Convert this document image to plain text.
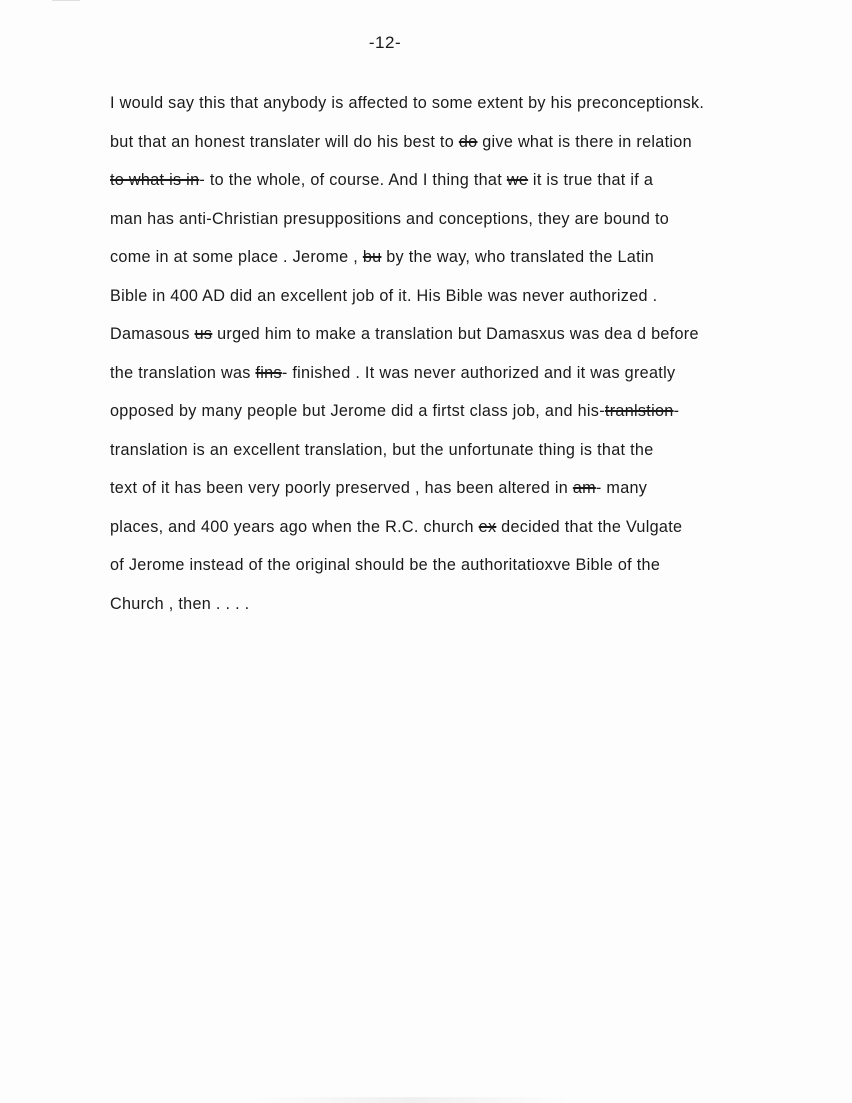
-12-
I would say this that anybody is affected to some extent by his preconceptionsk.
but that an honest translater will do his best to do give what is there in relation
to what is in- to the whole, of course. And I thing that we it is true that if a
man has anti-Christian presuppositions and conceptions, they are bound to
come in at some place . Jerome , bu by the way, who translated the Latin
Bible in 400 AD did an excellent job of it. His Bible was never authorized .
Damasous us urged him to make a translation but Damasxus was dea d before
the translation was fins- finished . It was never authorized and it was greatly
opposed by many people but Jerome did a firtst class job, and his-tranlstion-
translation is an excellent translation, but the unfortunate thing is that the
text of it has been very poorly preserved , has been altered in am- many
places, and 400 years ago when the R.C. church ex decided that the Vulgate
of Jerome instead of the original should be the authoritatioxve Bible of the
Church , then . . . .
